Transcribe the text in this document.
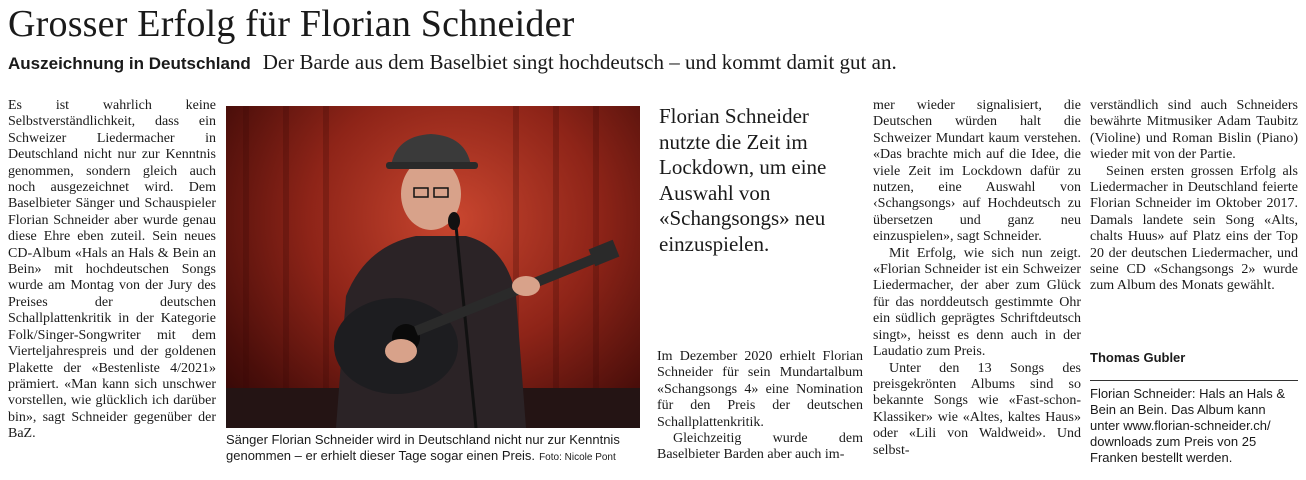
Grosser Erfolg für Florian Schneider
Auszeichnung in Deutschland Der Barde aus dem Baselbiet singt hochdeutsch – und kommt damit gut an.

Es ist wahrlich keine Selbstverständlichkeit, dass ein Schweizer Liedermacher in Deutschland nicht nur zur Kenntnis genommen, sondern gleich auch noch ausgezeichnet wird. Dem Baselbieter Sänger und Schauspieler Florian Schneider aber wurde genau diese Ehre eben zuteil. Sein neues CD-Album «Hals an Hals & Bein an Bein» mit hochdeutschen Songs wurde am Montag von der Jury des Preises der deutschen Schallplattenkritik in der Kategorie Folk/Singer-Songwriter mit dem Vierteljahrespreis und der goldenen Plakette der «Bestenliste 4/2021» prämiert. «Man kann sich unschwer vorstellen, wie glücklich ich darüber bin», sagt Schneider gegenüber der BaZ.	Sänger Florian Schneider wird in Deutschland nicht nur zur Kenntnis genommen – er erhielt dieser Tage sogar einen Preis. Foto: Nicole Pont
Florian Schneider nutzte die Zeit im Lockdown, um eine Auswahl von «Schangsongs» neu einzuspielen.

Im Dezember 2020 erhielt Florian Schneider für sein Mundartalbum «Schangsongs 4» eine Nomination für den Preis der deutschen Schallplattenkritik.

Gleichzeitig wurde dem Baselbieter Barden aber auch im-

mer wieder signalisiert, die Deutschen würden halt die Schweizer Mundart kaum verstehen. «Das brachte mich auf die Idee, die viele Zeit im Lockdown dafür zu nutzen, eine Auswahl von ‹Schangsongs› auf Hochdeutsch zu übersetzen und ganz neu einzuspielen», sagt Schneider.

Mit Erfolg, wie sich nun zeigt. «Florian Schneider ist ein Schweizer Liedermacher, der aber zum Glück für das norddeutsch gestimmte Ohr ein südlich geprägtes Schriftdeutsch singt», heisst es denn auch in der Laudatio zum Preis.

Unter den 13 Songs des preisgekrönten Albums sind so bekannte Songs wie «Fast-schon-Klassiker» wie «Altes, kaltes Haus» oder «Lili von Waldweid». Und selbst-

verständlich sind auch Schneiders bewährte Mitmusiker Adam Taubitz (Violine) und Roman Bislin (Piano) wieder mit von der Partie.

Seinen ersten grossen Erfolg als Liedermacher in Deutschland feierte Florian Schneider im Oktober 2017. Damals landete sein Song «Alts, chalts Huus» auf Platz eins der Top 20 der deutschen Liedermacher, und seine CD «Schangsongs 2» wurde zum Album des Monats gewählt.

Thomas Gubler
Florian Schneider: Hals an Hals & Bein an Bein. Das Album kann unter www.florian-schneider.ch/ downloads zum Preis von 25 Franken bestellt werden.
